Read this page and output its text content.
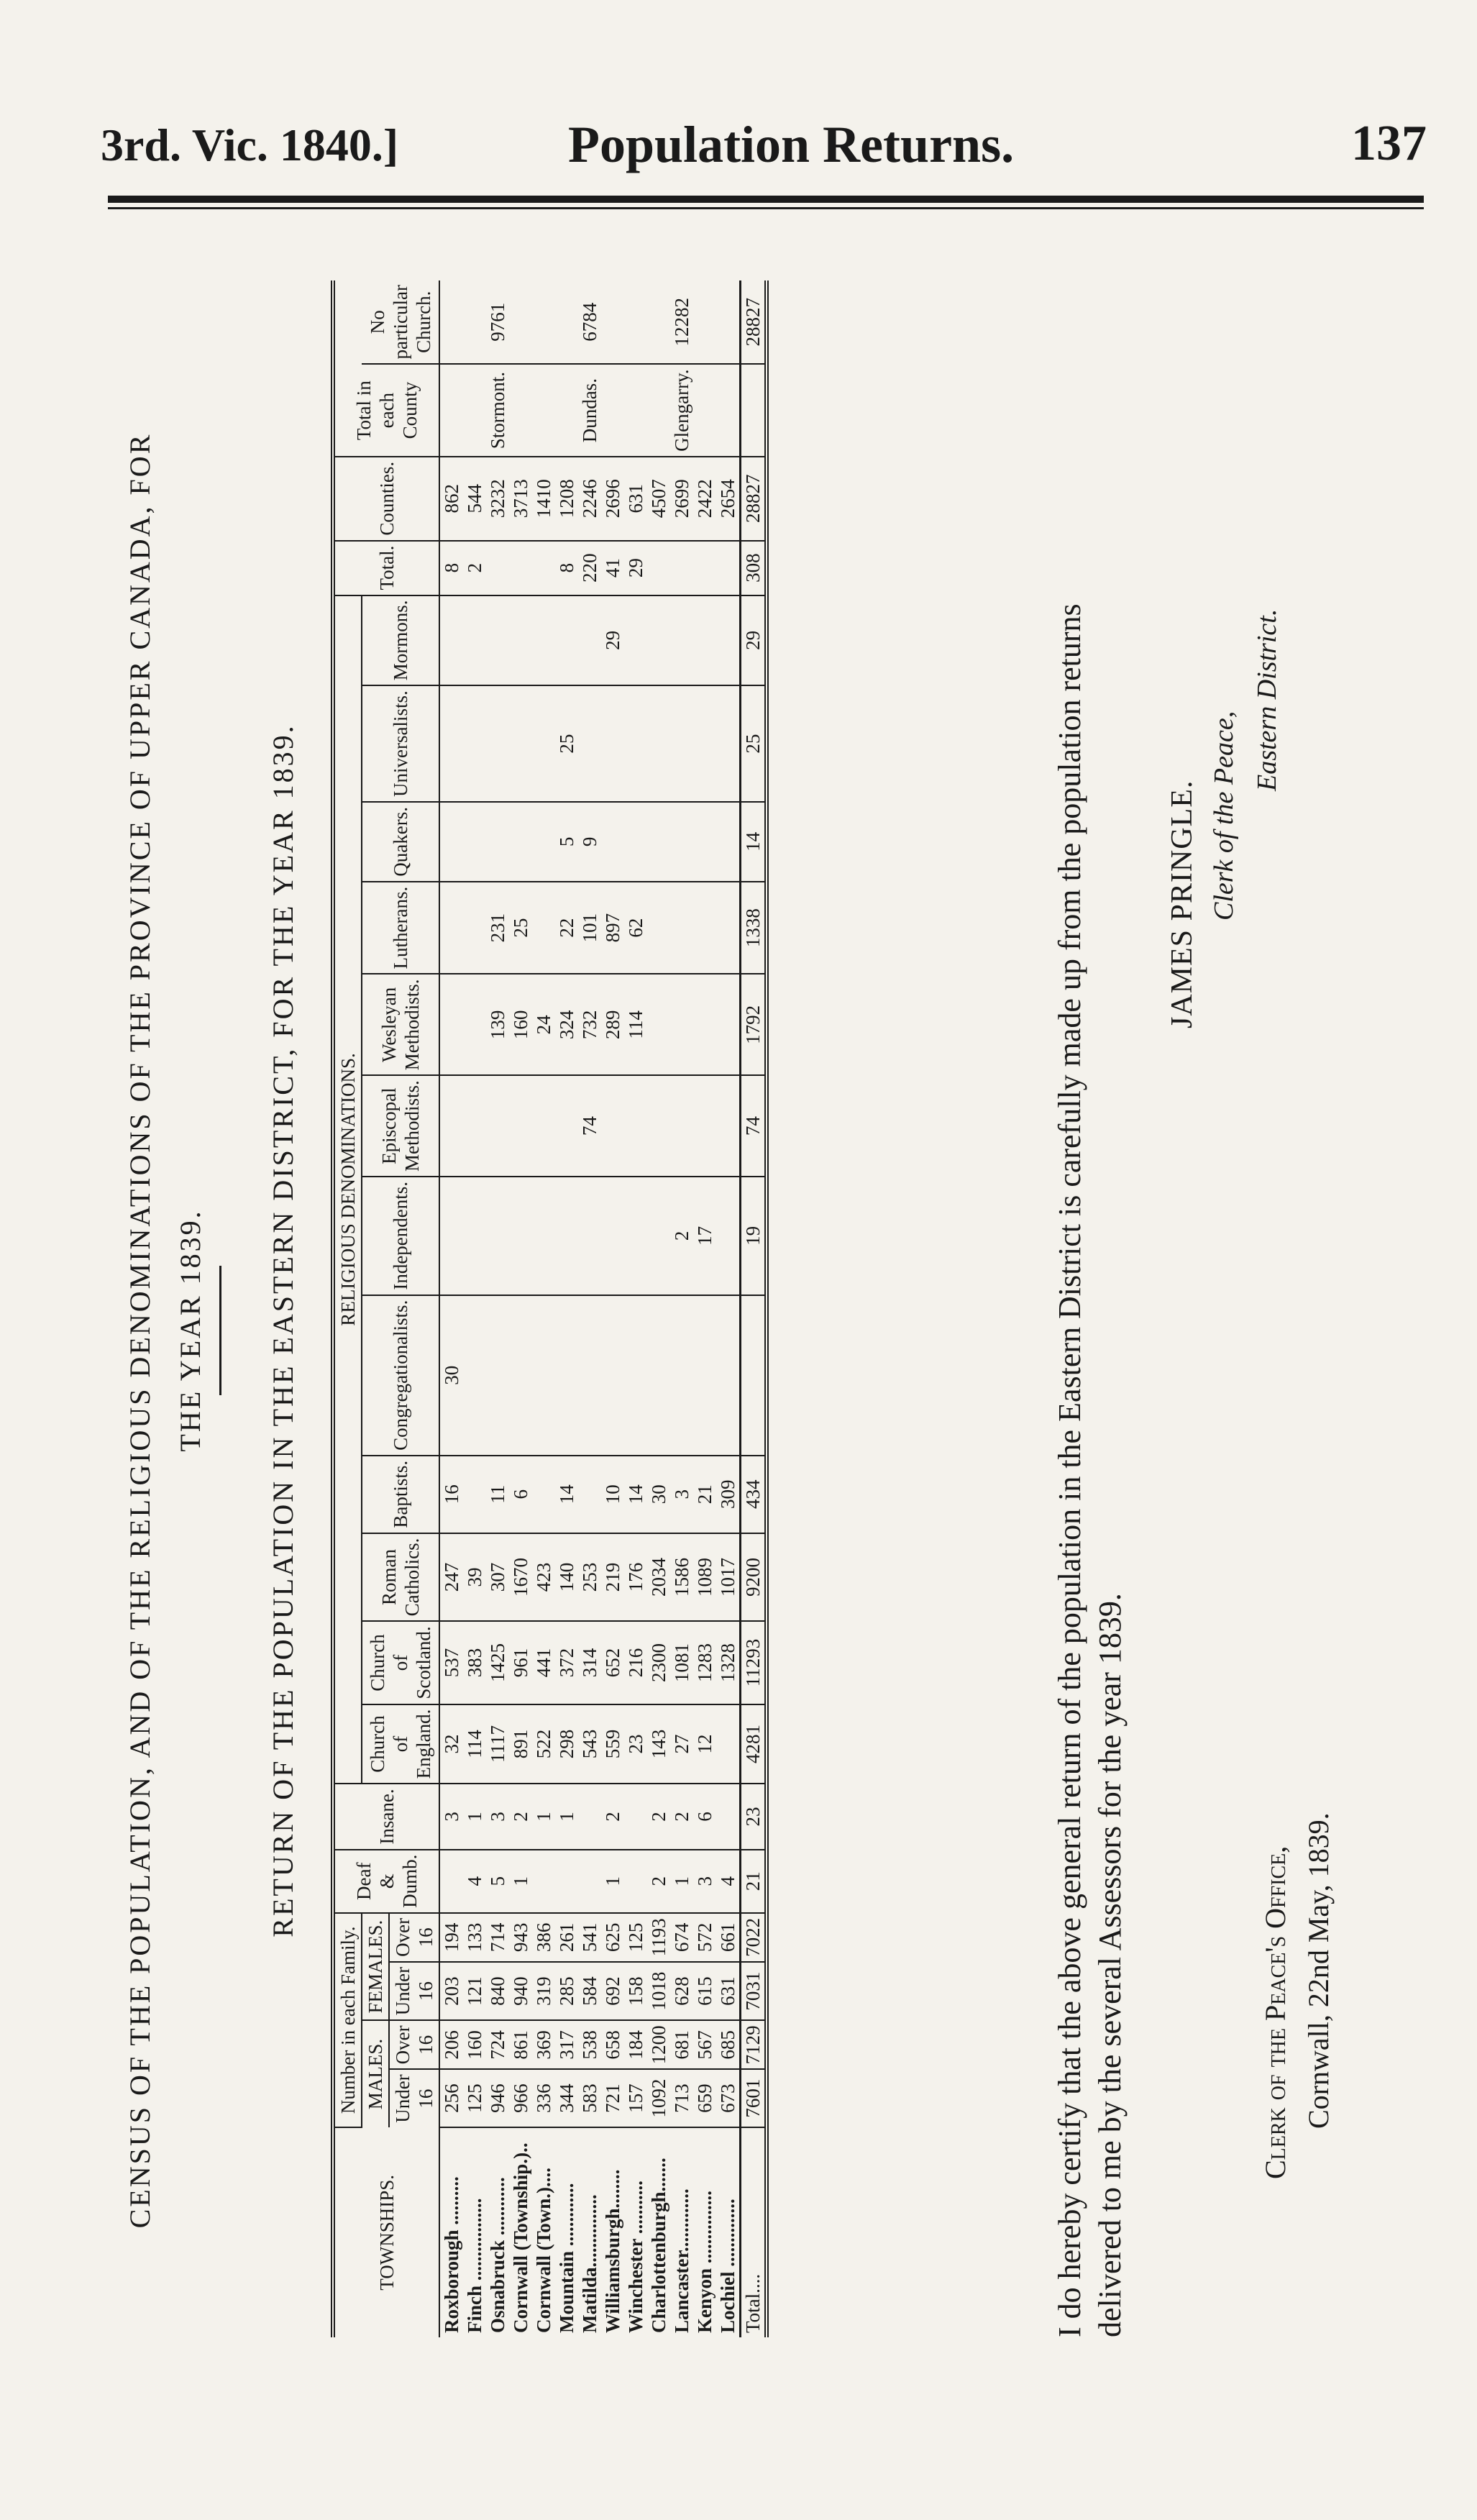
3rd. Vic. 1840.]	Population Returns.	137
CENSUS OF THE POPULATION, AND OF THE RELIGIOUS DENOMINATIONS OF THE PROVINCE OF UPPER CANADA, FOR THE YEAR 1839.	RETURN OF THE POPULATION IN THE EASTERN DISTRICT, FOR THE YEAR 1839.
TOWNSHIPS.	Number in each Family.				Deaf & Dumb.	Insane.	RELIGIOUS DENOMINATIONS.												Total.	Counties.	Total in each County	
	MALES.		FEMALES.				Church of England.	Church of Scotland.	Roman Catholics.	Baptists.	Congregationalists.	Independents.	Episcopal Methodists.	Wesleyan Methodists.	Lutherans.	Quakers.	Universalists.	Mormons.				No particular Church.
	Under 16	Over 16	Under 16	Over 16																		
Roxborough ..........	256	206	203	194		3	32	537	247	16	30								8	862		
Finch .................	125	160	121	133	4	1	114	383	39										2	544		
Osnabruck ............	946	724	840	714	5	3	1117	1425	307	11				139	231					3232	Stormont.	9761
Cornwall (Township.)..	966	861	940	943	1	2	891	961	1670	6				160	25					3713		
Cornwall (Town.)....	336	369	319	386		1	522	441	423					24						1410		
Mountain .............	344	317	285	261		1	298	372	140	14				324	22	5	25		8	1208		
Matilda...............	583	538	584	541			543	314	253				74	732	101	9			220	2246	Dundas.	6784
Williamsburgh........	721	658	692	625	1	2	559	652	219	10				289	897			29	41	2696		
Winchester ...........	157	184	158	125			23	216	176	14				114	62				29	631		
Charlottenburgh.......	1092	1200	1018	1193	2	2	143	2300	2034	30										4507		
Lancaster.............	713	681	628	674	1	2	27	1081	1586	3		2								2699	Glengarry.	12282
Kenyon ...............	659	567	615	572	3	6	12	1283	1089	21		17								2422		
Lochiel ..............	673	685	631	661	4			1328	1017	309										2654		
Total....	7601	7129	7031	7022	21	23	4281	11293	9200	434		19	74	1792	1338	14	25	29	308	28827		28827
I do hereby certify that the above general return of the population in the Eastern District is carefully made up from the population returns delivered to me by the several Assessors for the year 1839.
JAMES PRINGLE. Clerk of the Peace,
Eastern District.
Clerk of the Peace's Office, Cornwall, 22nd May, 1839.
